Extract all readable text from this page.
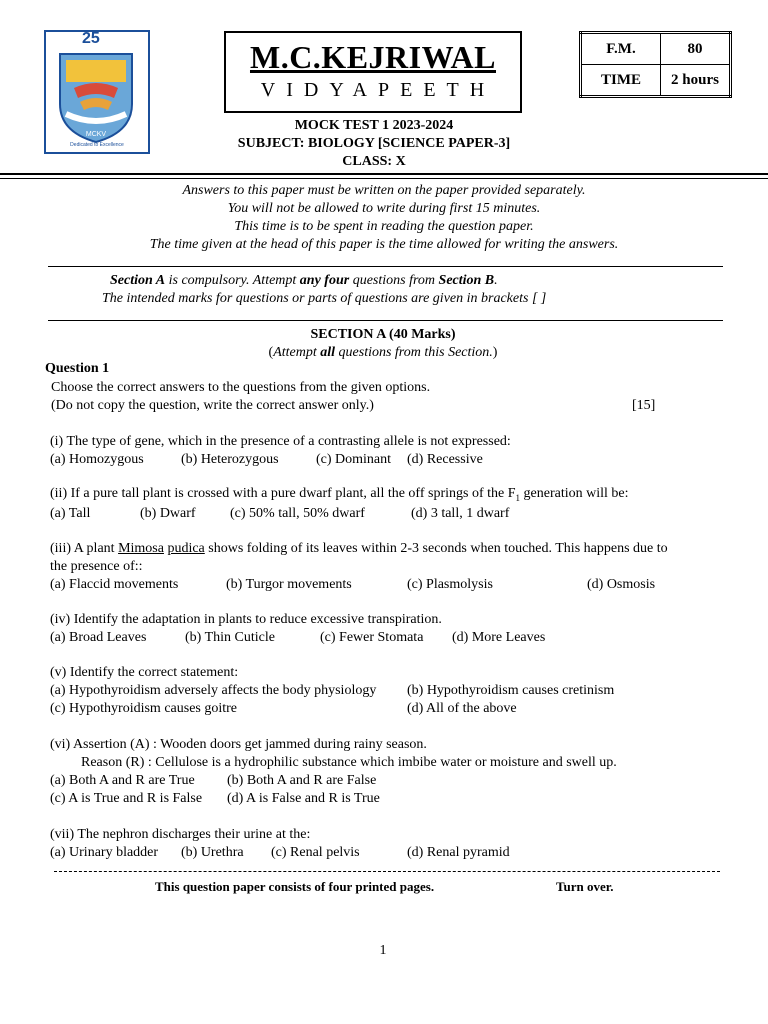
25
MCKV
Dedicated to Excellence
M.C.KEJRIWAL
VIDYAPEETH
F.M.	80
TIME	2 hours
MOCK TEST 1 2023-2024
SUBJECT: BIOLOGY [SCIENCE PAPER-3]
CLASS: X
Answers to this paper must be written on the paper provided separately.
You will not be allowed to write during first 15 minutes.
This time is to be spent in reading the question paper.
The time given at the head of this paper is the time allowed for writing the answers.
Section A is compulsory. Attempt any four questions from Section B.
The intended marks for questions or parts of questions are given in brackets [ ]
SECTION A (40 Marks)
(Attempt all questions from this Section.)
Question 1
Choose the correct answers to the questions from the given options.
(Do not copy the question, write the correct answer only.)	[15]
(i) The type of gene, which in the presence of a contrasting allele is not expressed:
(a) Homozygous	(b) Heterozygous	(c) Dominant (d) Recessive
(ii) If a pure tall plant is crossed with a pure dwarf plant, all the off springs of the $F_1$ generation will be:
(a) Tall	(b) Dwarf (c) 50% tall, 50% dwarf	(d) 3 tall, 1 dwarf
(iii) A plant Mimosa pudica shows folding of its leaves within 2-3 seconds when touched. This happens due to
the presence of::
(a) Flaccid movements	(b) Turgor movements	(c) Plasmolysis	(d) Osmosis
(iv) Identify the adaptation in plants to reduce excessive transpiration.
(a) Broad Leaves	(b) Thin Cuticle	(c) Fewer Stomata (d) More Leaves
(v) Identify the correct statement:
(a) Hypothyroidism adversely affects the body physiology (b) Hypothyroidism causes cretinism
(c) Hypothyroidism causes goitre	(d) All of the above
(vi) Assertion (A) : Wooden doors get jammed during rainy season.
Reason (R) : Cellulose is a hydrophilic substance which imbibe water or moisture and swell up.
(a) Both A and R are True (b) Both A and R are False
(c) A is True and R is False (d) A is False and R is True
(vii) The nephron discharges their urine at the:
(a) Urinary bladder (b) Urethra (c) Renal pelvis	(d) Renal pyramid
This question paper consists of four printed pages.	Turn over.
1
